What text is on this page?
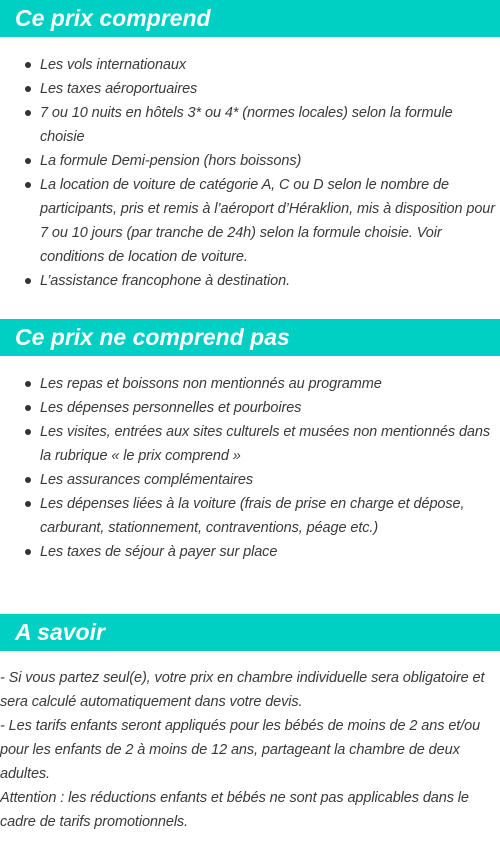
Ce prix comprend
Les vols internationaux
Les taxes aéroportuaires
7 ou 10 nuits en hôtels 3* ou 4* (normes locales) selon la formule choisie
La formule Demi-pension (hors boissons)
La location de voiture de catégorie A, C ou D selon le nombre de participants, pris et remis à l’aéroport d’Héraklion, mis à disposition pour 7 ou 10 jours (par tranche de 24h) selon la formule choisie. Voir conditions de location de voiture.
L’assistance francophone à destination.
Ce prix ne comprend pas
Les repas et boissons non mentionnés au programme
Les dépenses personnelles et pourboires
Les visites, entrées aux sites culturels et musées non mentionnés dans la rubrique « le prix comprend »
Les assurances complémentaires
Les dépenses liées à la voiture (frais de prise en charge et dépose, carburant, stationnement, contraventions, péage etc.)
Les taxes de séjour à payer sur place
A savoir

- Si vous partez seul(e), votre prix en chambre individuelle sera obligatoire et sera calculé automatiquement dans votre devis.

- Les tarifs enfants seront appliqués pour les bébés de moins de 2 ans et/ou pour les enfants de 2 à moins de 12 ans, partageant la chambre de deux adultes.

Attention : les réductions enfants et bébés ne sont pas applicables dans le cadre de tarifs promotionnels.
